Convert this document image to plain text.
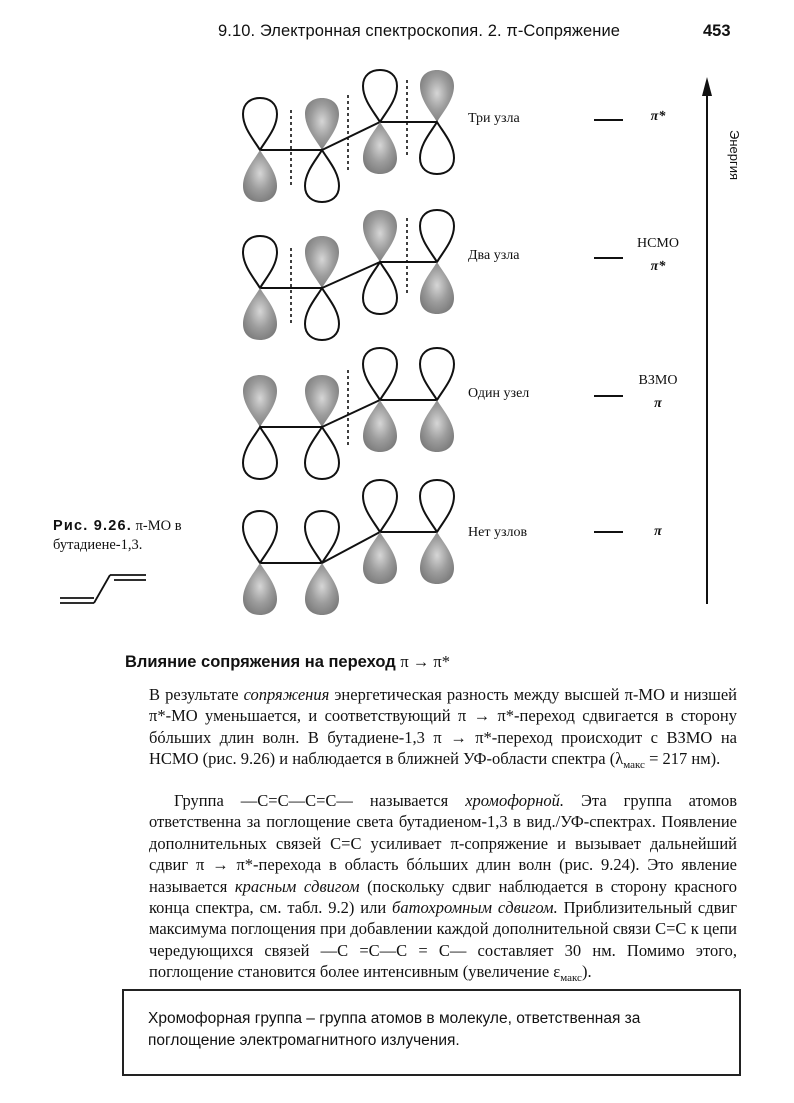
9.10. Электронная спектроскопия. 2. π-Сопряжение	453
Три узла	π*
Два узла
НСМО
π*
Один узел
ВЗМО
π
Нет узлов	π
Энергия
Рис. 9.26. π-МО в бутадиене-1,3.
Влияние сопряжения на переход π → π*

В результате сопряжения энергетическая разность между высшей π-МО и низшей π*-МО уменьшается, и соответствующий π → π*-переход сдвигается в сторону бóльших длин волн. В бутадиене-1,3 π → π*-переход происходит с ВЗМО на НСМО (рис. 9.26) и наблюдается в ближней УФ-области спектра ($\lambda_{макс} = 217$ нм).

Группа —C=C—C=C— называется хромофорной. Эта группа атомов ответственна за поглощение света бутадиеном-1,3 в вид./УФ-спектрах. Появление дополнительных связей C=C усиливает π-сопряжение и вызывает дальнейший сдвиг π → π*-перехода в область бóльших длин волн (рис. 9.24). Это явление называется красным сдвигом (поскольку сдвиг наблюдается в сторону красного конца спектра, см. табл. 9.2) или батохромным сдвигом. Приблизительный сдвиг максимума поглощения при добавлении каждой дополнительной связи C=C к цепи чередующихся связей —C =C—C = C— составляет 30 нм. Помимо этого, поглощение становится более интенсивным (увеличение $\varepsilon_{макс}$).

Хромофорная группа – группа атомов в молекуле, ответственная за поглощение электромагнитного излучения.
